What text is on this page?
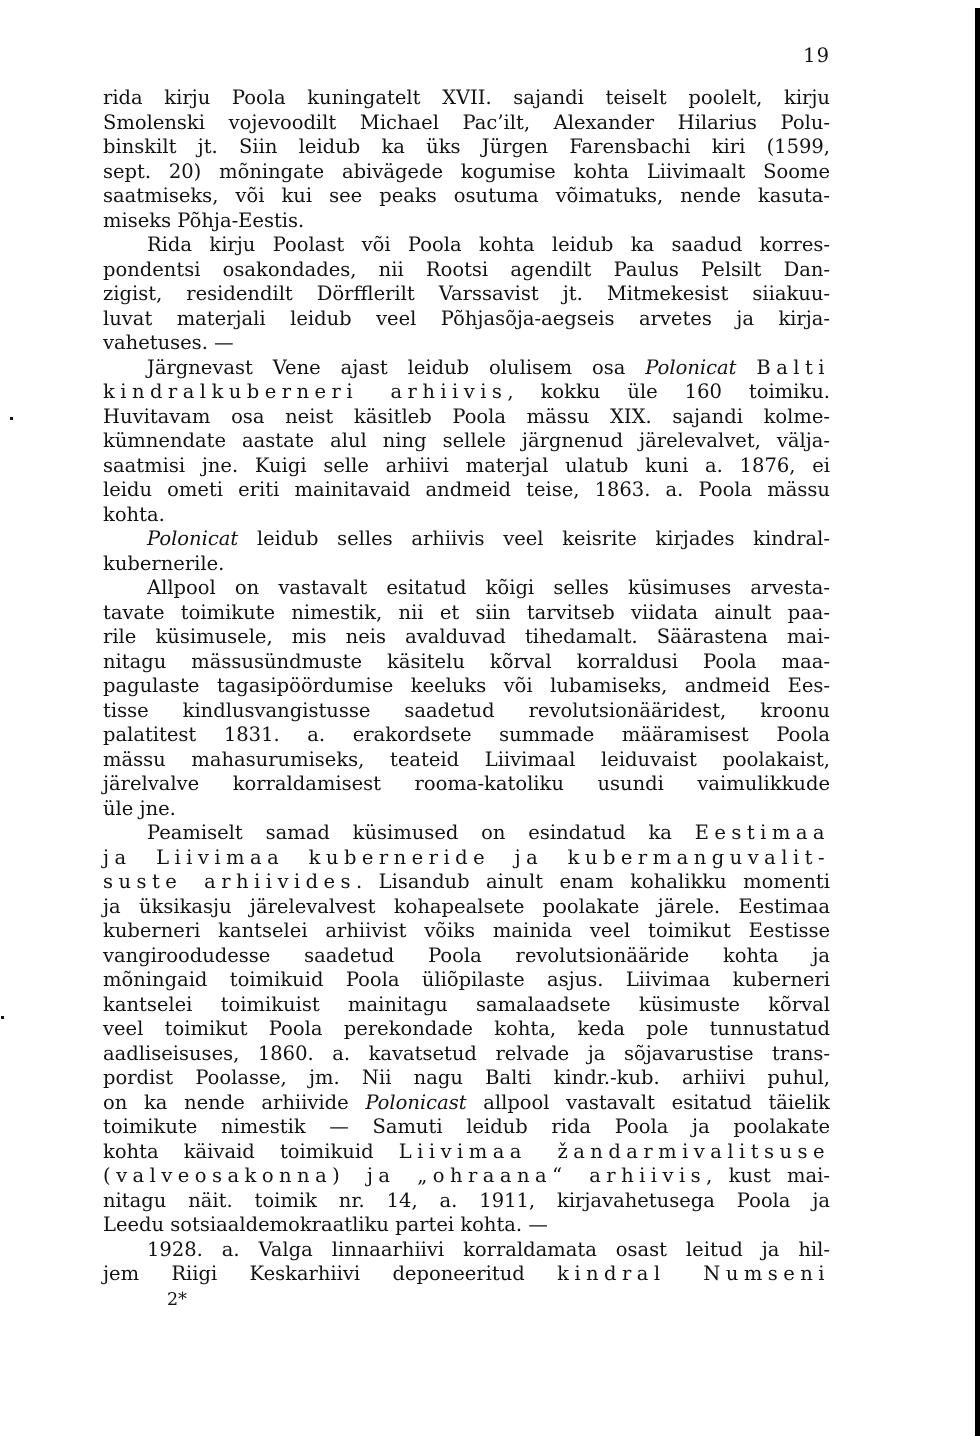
19
rida kirju Poola kuningatelt XVII. sajandi teiselt poolelt, kirju
Smolenski vojevoodilt Michael Pac’ilt, Alexander Hilarius Polu-
binskilt jt. Siin leidub ka üks Jürgen Farensbachi kiri (1599,
sept. 20) mõningate abivägede kogumise kohta Liivimaalt Soome
saatmiseks, või kui see peaks osutuma võimatuks, nende kasuta-
miseks Põhja-Eestis.
Rida kirju Poolast või Poola kohta leidub ka saadud korres-
pondentsi osakondades, nii Rootsi agendilt Paulus Pelsilt Dan-
zigist, residendilt Dörfflerilt Varssavist jt. Mitmekesist siiakuu-
luvat materjali leidub veel Põhjasõja-aegseis arvetes ja kirja-
vahetuses. —
Järgnevast Vene ajast leidub olulisem osa Polonicat Balti
kindralkuberneri arhiivis, kokku üle 160 toimiku.
Huvitavam osa neist käsitleb Poola mässu XIX. sajandi kolme-
kümnendate aastate alul ning sellele järgnenud järelevalvet, välja-
saatmisi jne. Kuigi selle arhiivi materjal ulatub kuni a. 1876, ei
leidu ometi eriti mainitavaid andmeid teise, 1863. a. Poola mässu
kohta.
Polonicat leidub selles arhiivis veel keisrite kirjades kindral-
kubernerile.
Allpool on vastavalt esitatud kõigi selles küsimuses arvesta-
tavate toimikute nimestik, nii et siin tarvitseb viidata ainult paa-
rile küsimusele, mis neis avalduvad tihedamalt. Säärastena mai-
nitagu mässusündmuste käsitelu kõrval korraldusi Poola maa-
pagulaste tagasipöördumise keeluks või lubamiseks, andmeid Ees-
tisse kindlusvangistusse saadetud revolutsionääridest, kroonu
palatitest 1831. a. erakordsete summade määramisest Poola
mässu mahasurumiseks, teateid Liivimaal leiduvaist poolakaist,
järelvalve korraldamisest rooma-katoliku usundi vaimulikkude
üle jne.
Peamiselt samad küsimused on esindatud ka Eestimaa
ja Liivimaa kuberneride ja kubermanguvalit-
suste arhiivides. Lisandub ainult enam kohalikku momenti
ja üksikasju järelevalvest kohapealsete poolakate järele. Eestimaa
kuberneri kantselei arhiivist võiks mainida veel toimikut Eestisse
vangiroodudesse saadetud Poola revolutsionääride kohta ja
mõningaid toimikuid Poola üliõpilaste asjus. Liivimaa kuberneri
kantselei toimikuist mainitagu samalaadsete küsimuste kõrval
veel toimikut Poola perekondade kohta, keda pole tunnustatud
aadliseisuses, 1860. a. kavatsetud relvade ja sõjavarustise trans-
pordist Poolasse, jm. Nii nagu Balti kindr.-kub. arhiivi puhul,
on ka nende arhiivide Polonicast allpool vastavalt esitatud täielik
toimikute nimestik — Samuti leidub rida Poola ja poolakate
kohta käivaid toimikuid Liivimaa žandarmivalitsuse
(valveosakonna) ja „ohraana“ arhiivis, kust mai-
nitagu näit. toimik nr. 14, a. 1911, kirjavahetusega Poola ja
Leedu sotsiaaldemokraatliku partei kohta. —
1928. a. Valga linnaarhiivi korraldamata osast leitud ja hil-
jem Riigi Keskarhiivi deponeeritud kindral Numseni
2*
